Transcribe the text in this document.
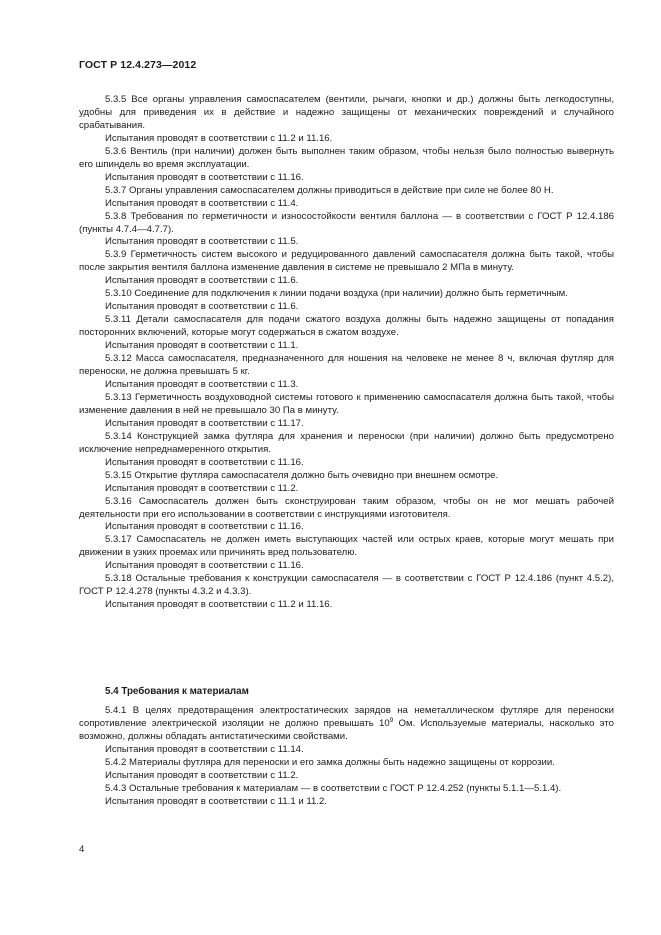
ГОСТ Р 12.4.273—2012

5.3.5 Все органы управления самоспасателем (вентили, рычаги, кнопки и др.) должны быть легкодоступны, удобны для приведения их в действие и надежно защищены от механических повреждений и случайного срабатывания.

Испытания проводят в соответствии с 11.2 и 11.16.

5.3.6 Вентиль (при наличии) должен быть выполнен таким образом, чтобы нельзя было полностью вывернуть его шпиндель во время эксплуатации.

Испытания проводят в соответствии с 11.16.

5.3.7 Органы управления самоспасателем должны приводиться в действие при силе не более 80 Н.

Испытания проводят в соответствии с 11.4.

5.3.8 Требования по герметичности и износостойкости вентиля баллона — в соответствии с ГОСТ Р 12.4.186 (пункты 4.7.4—4.7.7).

Испытания проводят в соответствии с 11.5.

5.3.9 Герметичность систем высокого и редуцированного давлений самоспасателя должна быть такой, чтобы после закрытия вентиля баллона изменение давления в системе не превышало 2 МПа в минуту.

Испытания проводят в соответствии с 11.6.

5.3.10 Соединение для подключения к линии подачи воздуха (при наличии) должно быть герметичным.

Испытания проводят в соответствии с 11.6.

5.3.11 Детали самоспасателя для подачи сжатого воздуха должны быть надежно защищены от попадания посторонних включений, которые могут содержаться в сжатом воздухе.

Испытания проводят в соответствии с 11.1.

5.3.12 Масса самоспасателя, предназначенного для ношения на человеке не менее 8 ч, включая футляр для переноски, не должна превышать 5 кг.

Испытания проводят в соответствии с 11.3.

5.3.13 Герметичность воздуховодной системы готового к применению самоспасателя должна быть такой, чтобы изменение давления в ней не превышало 30 Па в минуту.

Испытания проводят в соответствии с 11.17.

5.3.14 Конструкцией замка футляра для хранения и переноски (при наличии) должно быть предусмотрено исключение непреднамеренного открытия.

Испытания проводят в соответствии с 11.16.

5.3.15 Открытие футляра самоспасателя должно быть очевидно при внешнем осмотре.

Испытания проводят в соответствии с 11.2.

5.3.16 Самоспасатель должен быть сконструирован таким образом, чтобы он не мог мешать рабочей деятельности при его использовании в соответствии с инструкциями изготовителя.

Испытания проводят в соответствии с 11.16.

5.3.17 Самоспасатель не должен иметь выступающих частей или острых краев, которые могут мешать при движении в узких проемах или причинять вред пользователю.

Испытания проводят в соответствии с 11.16.

5.3.18 Остальные требования к конструкции самоспасателя — в соответствии с ГОСТ Р 12.4.186 (пункт 4.5.2), ГОСТ Р 12.4.278 (пункты 4.3.2 и 4.3.3).

Испытания проводят в соответствии с 11.2 и 11.16.

5.4 Требования к материалам

5.4.1 В целях предотвращения электростатических зарядов на неметаллическом футляре для переноски сопротивление электрической изоляции не должно превышать $10^9$ Ом. Используемые материалы, насколько это возможно, должны обладать антистатическими свойствами.

Испытания проводят в соответствии с 11.14.

5.4.2 Материалы футляра для переноски и его замка должны быть надежно защищены от коррозии.

Испытания проводят в соответствии с 11.2.

5.4.3 Остальные требования к материалам — в соответствии с ГОСТ Р 12.4.252 (пункты 5.1.1—5.1.4).

Испытания проводят в соответствии с 11.1 и 11.2.

4
